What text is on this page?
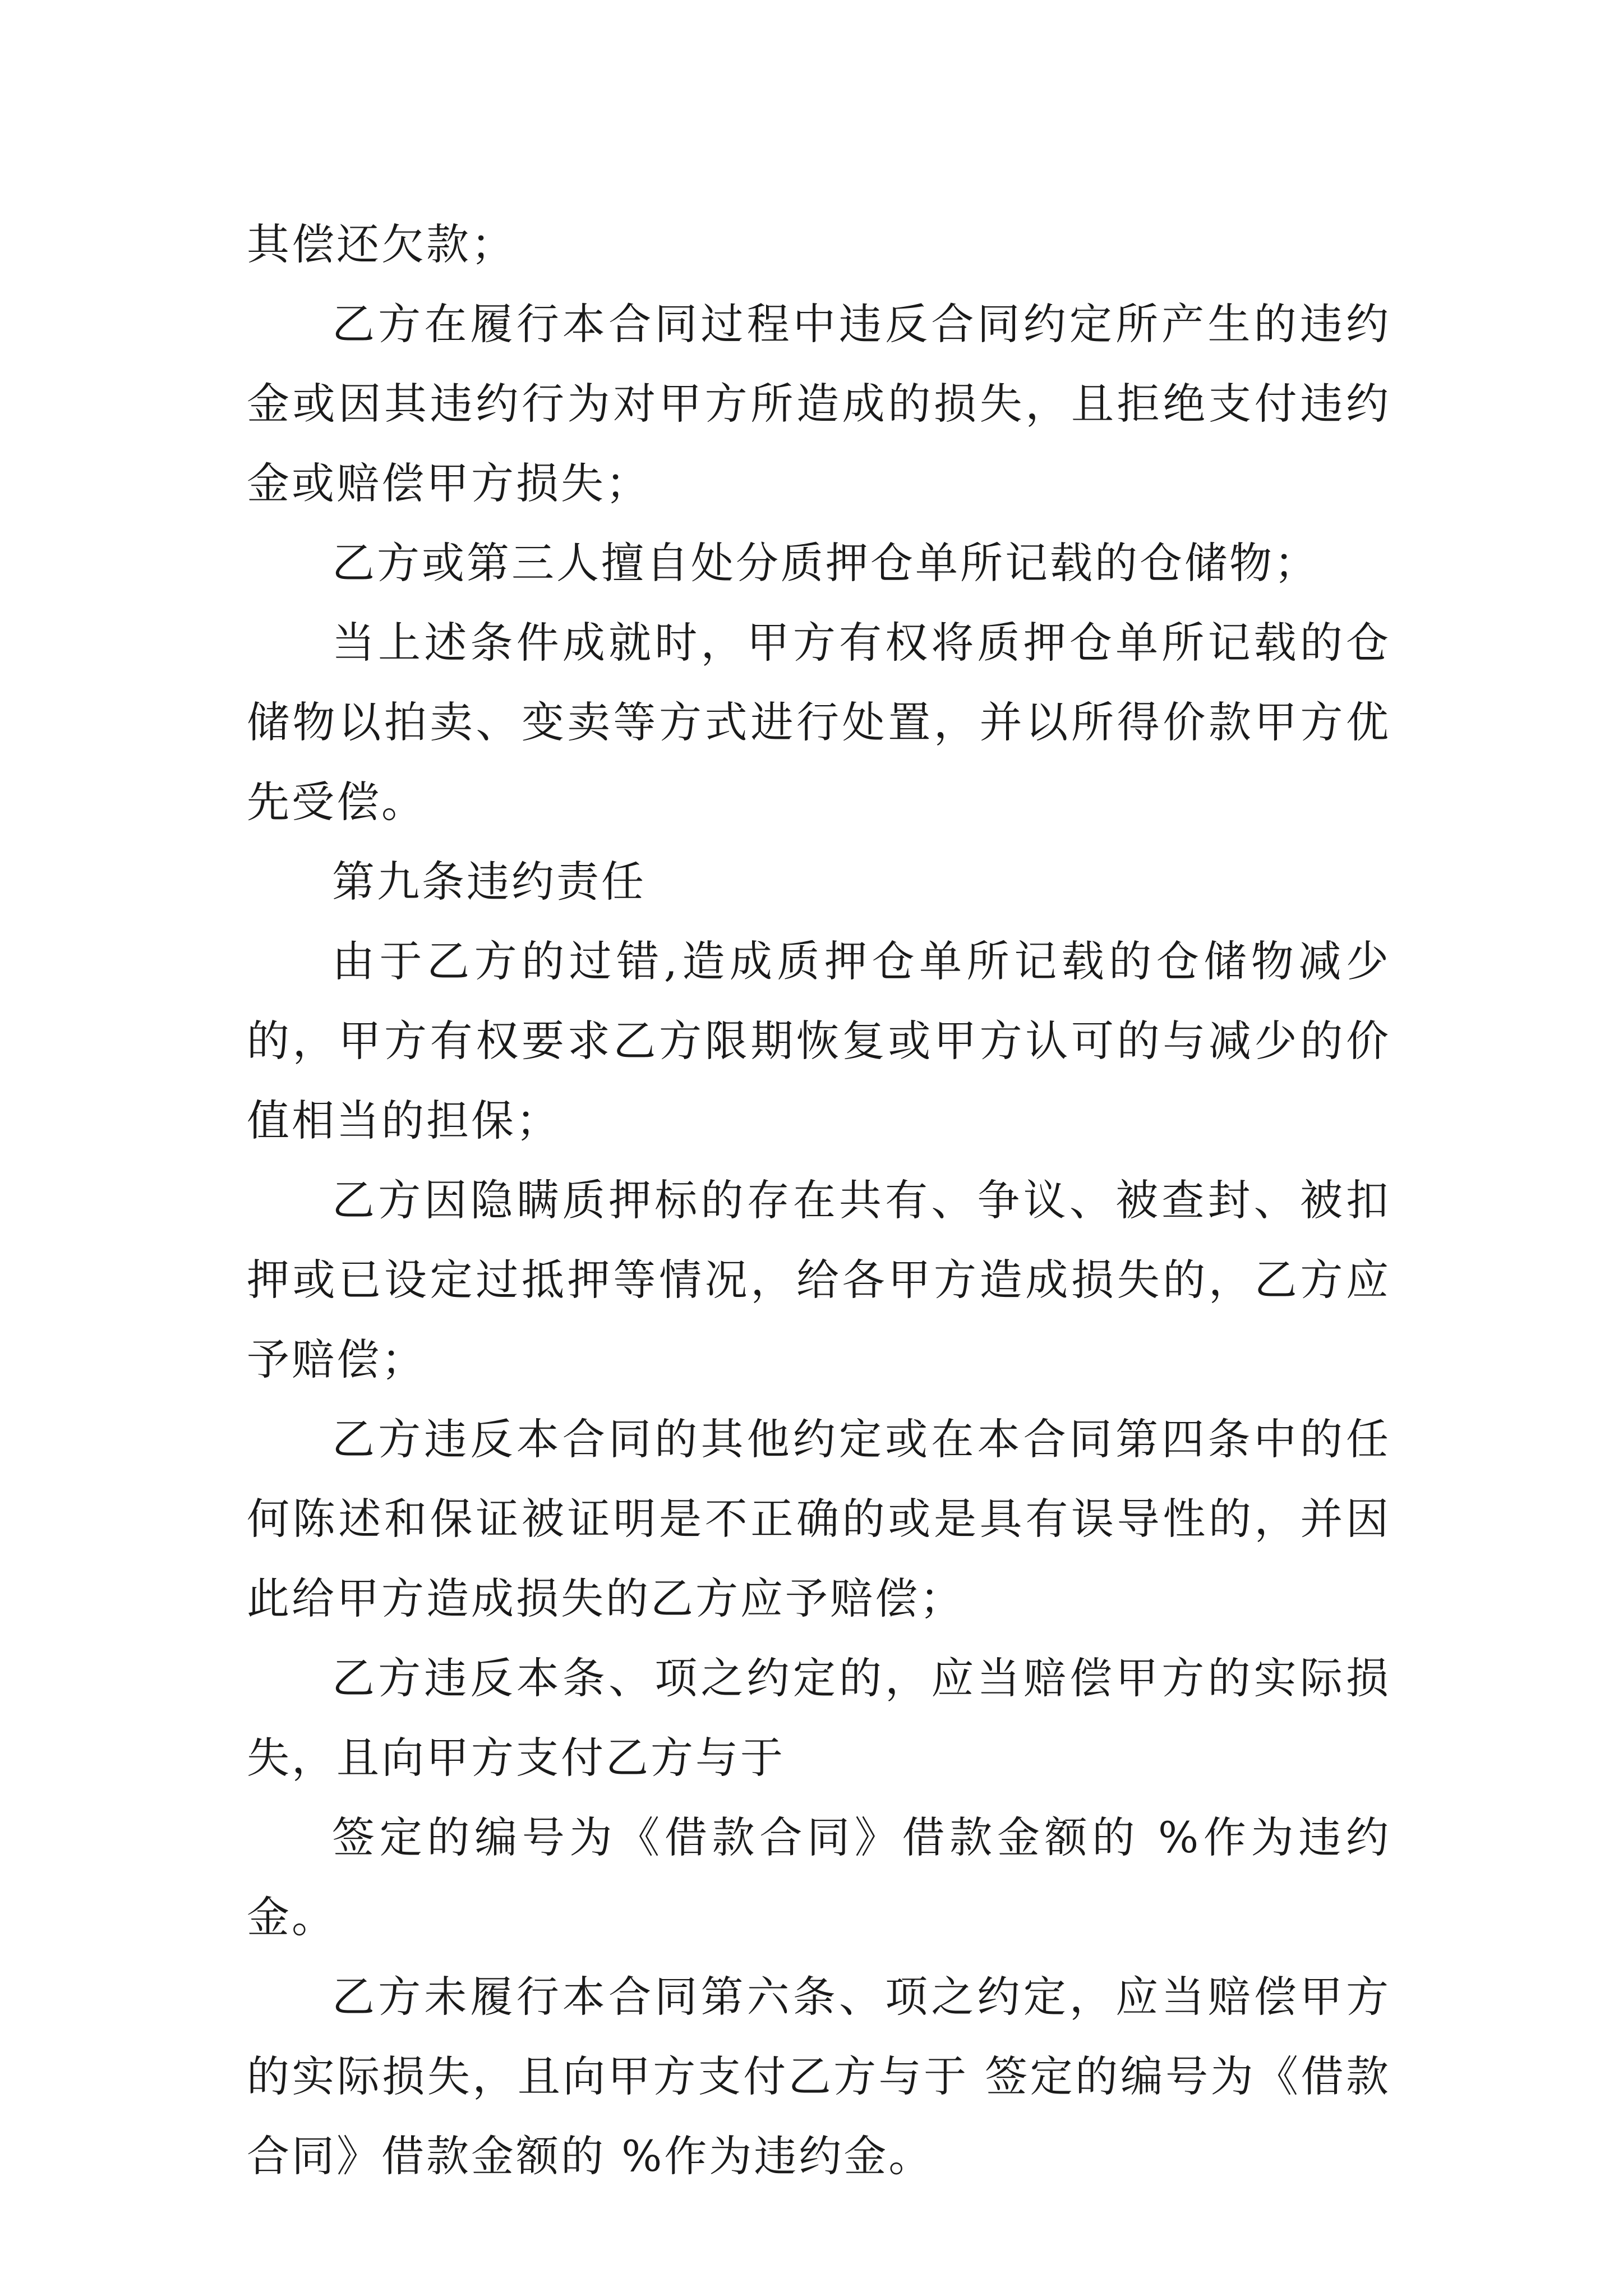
其偿还欠款；

乙方在履行本合同过程中违反合同约定所产生的违约金或因其违约行为对甲方所造成的损失，且拒绝支付违约金或赔偿甲方损失；

乙方或第三人擅自处分质押仓单所记载的仓储物；

当上述条件成就时，甲方有权将质押仓单所记载的仓储物以拍卖、变卖等方式进行处置，并以所得价款甲方优先受偿。

第九条违约责任

由于乙方的过错,造成质押仓单所记载的仓储物减少的，甲方有权要求乙方限期恢复或甲方认可的与减少的价值相当的担保；

乙方因隐瞒质押标的存在共有、争议、被查封、被扣押或已设定过抵押等情况，给各甲方造成损失的，乙方应予赔偿；

乙方违反本合同的其他约定或在本合同第四条中的任何陈述和保证被证明是不正确的或是具有误导性的，并因此给甲方造成损失的乙方应予赔偿；

乙方违反本条、项之约定的，应当赔偿甲方的实际损失，且向甲方支付乙方与于

签定的编号为《借款合同》借款金额的 %作为违约金。

乙方未履行本合同第六条、项之约定，应当赔偿甲方的实际损失，且向甲方支付乙方与于 签定的编号为《借款合同》借款金额的 %作为违约金。
